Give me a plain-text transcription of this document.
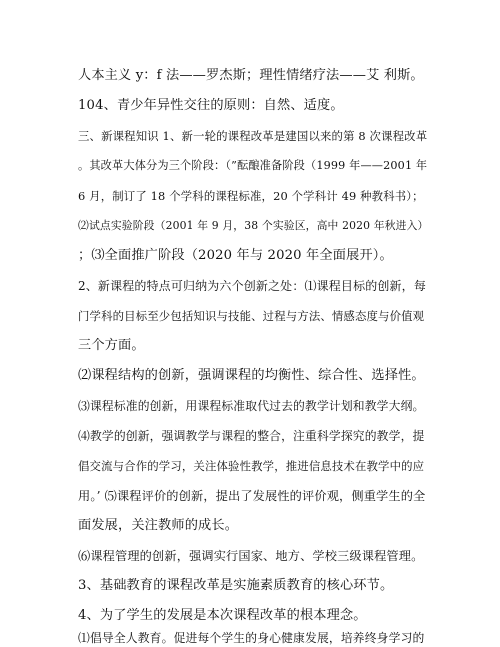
人本主义 y：f 法——罗杰斯；理性情绪疗法——艾 利斯。
104、青少年异性交往的原则：自然、适度。
三、新课程知识 1、新一轮的课程改革是建国以来的第 8 次课程改革
。其改革大体分为三个阶段：（”酝酿准备阶段（1999 年——2001 年
6 月，制订了 18 个学科的课程标准，20 个学科计 49 种教科书）；
⑵试点实验阶段（2001 年 9 月，38 个实验区，高中 2020 年秋进入）
；⑶全面推广阶段（2020 年与 2020 年全面展开）。
2、新课程的特点可归纳为六个创新之处：⑴课程目标的创新，每
门学科的目标至少包括知识与技能、过程与方法、情感态度与价值观
三个方面。
⑵课程结构的创新，强调课程的均衡性、综合性、选择性。
⑶课程标准的创新，用课程标准取代过去的教学计划和教学大纲。
⑷教学的创新，强调教学与课程的整合，注重科学探究的教学，提
倡交流与合作的学习，关注体验性教学，推进信息技术在教学中的应
用。’ ⑸课程评价的创新，提出了发展性的评价观，侧重学生的全
面发展，关注教师的成长。
⑹课程管理的创新，强调实行国家、地方、学校三级课程管理。
3、基础教育的课程改革是实施素质教育的核心环节。
4、为了学生的发展是本次课程改革的根本理念。
⑴倡导全人教育。促进每个学生的身心健康发展，培养终身学习的
